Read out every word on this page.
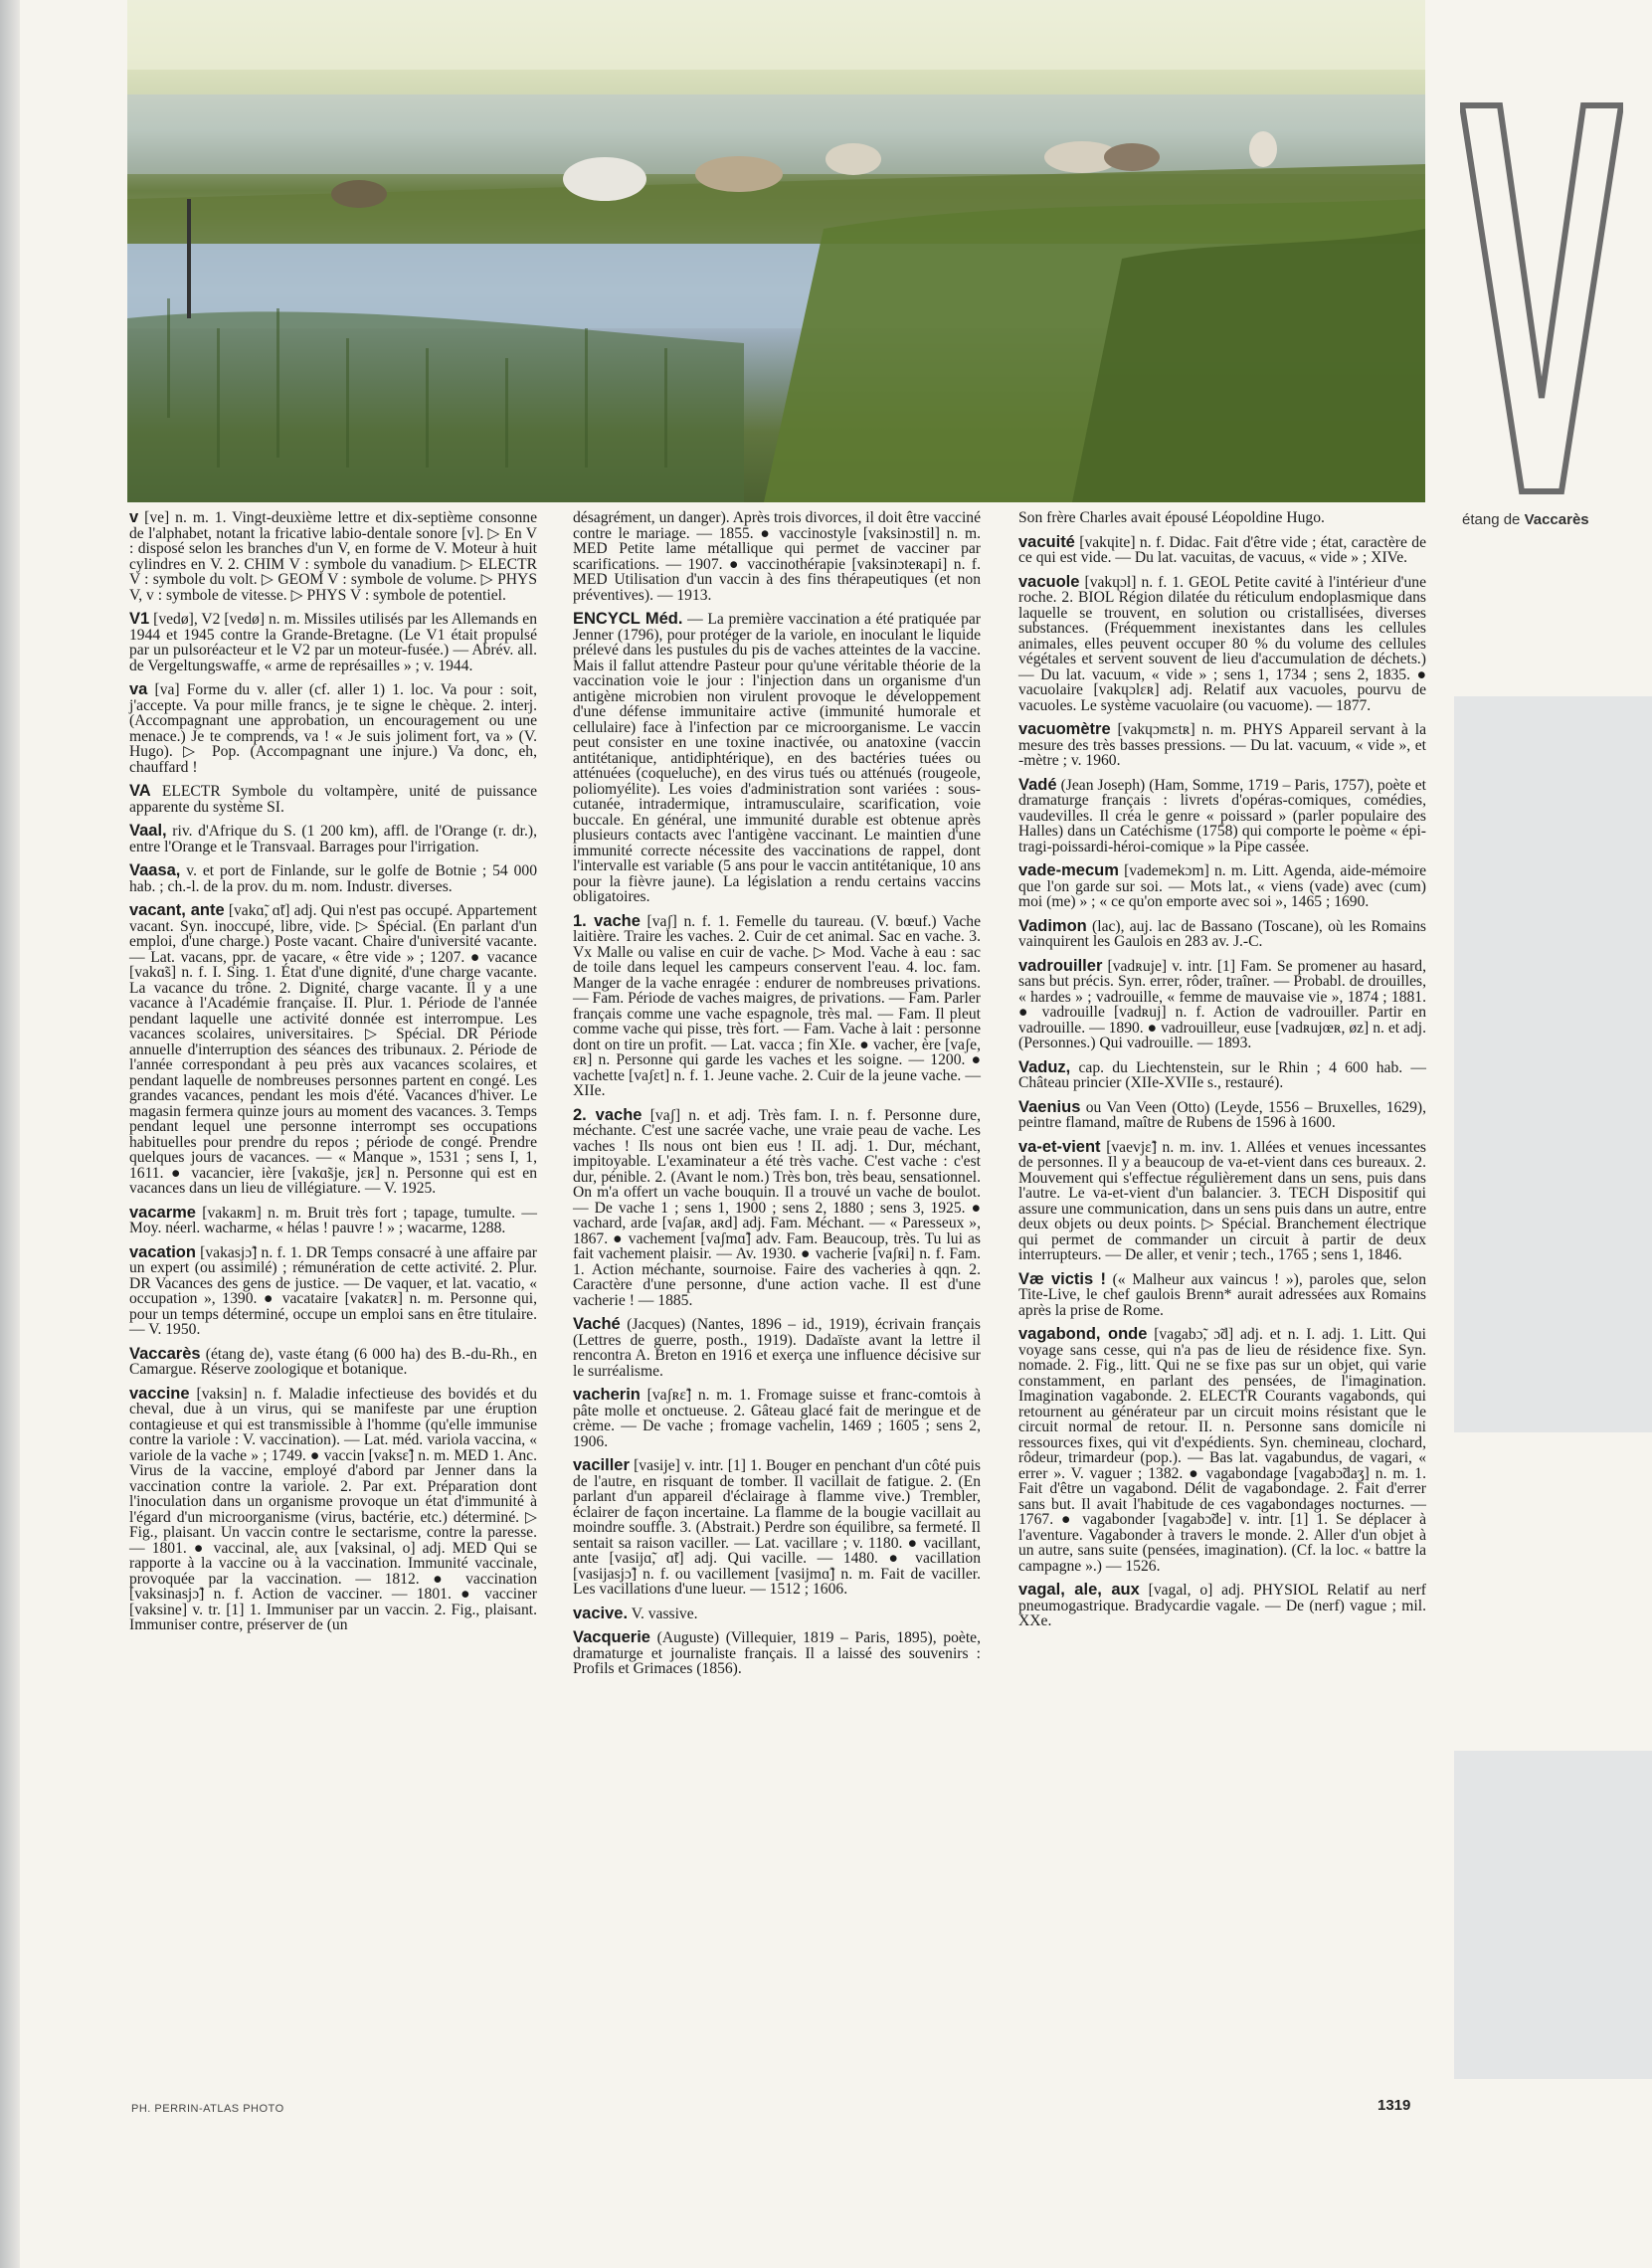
étang de Vaccarès

v [ve] n. m. 1. Vingt-deuxième lettre et dix-septième consonne de l'alphabet, notant la fricative labio-dentale sonore [v]. ▷ En V : disposé selon les branches d'un V, en forme de V. Moteur à huit cylindres en V. 2. CHIM V : symbole du vanadium. ▷ ELECTR V : symbole du volt. ▷ GEOM V : symbole de volume. ▷ PHYS V, v : symbole de vitesse. ▷ PHYS V : symbole de potentiel.

V1 [vedø], V2 [vedø] n. m. Missiles utilisés par les Allemands en 1944 et 1945 contre la Grande-Bretagne. (Le V1 était propulsé par un pulsoréacteur et le V2 par un moteur-fusée.) — Abrév. all. de Vergeltungswaffe, « arme de représailles » ; v. 1944.

va [va] Forme du v. aller (cf. aller 1) 1. loc. Va pour : soit, j'accepte. Va pour mille francs, je te signe le chèque. 2. interj. (Accompagnant une approbation, un encouragement ou une menace.) Je te comprends, va ! « Je suis joliment fort, va » (V. Hugo). ▷ Pop. (Accompagnant une injure.) Va donc, eh, chauffard !

VA ELECTR Symbole du voltampère, unité de puissance apparente du système SI.

Vaal, riv. d'Afrique du S. (1 200 km), affl. de l'Orange (r. dr.), entre l'Orange et le Transvaal. Barrages pour l'irrigation.

Vaasa, v. et port de Finlande, sur le golfe de Botnie ; 54 000 hab. ; ch.-l. de la prov. du m. nom. Industr. diverses.

vacant, ante [vakɑ̃, ɑ̃t] adj. Qui n'est pas occupé. Appartement vacant. Syn. inoccupé, libre, vide. ▷ Spécial. (En parlant d'un emploi, d'une charge.) Poste vacant. Chaire d'université vacante. — Lat. vacans, ppr. de vacare, « être vide » ; 1207. ● vacance [vakɑ̃s] n. f. I. Sing. 1. État d'une dignité, d'une charge vacante. La vacance du trône. 2. Dignité, charge vacante. Il y a une vacance à l'Académie française. II. Plur. 1. Période de l'année pendant laquelle une activité donnée est interrompue. Les vacances scolaires, universitaires. ▷ Spécial. DR Période annuelle d'interruption des séances des tribunaux. 2. Période de l'année correspondant à peu près aux vacances scolaires, et pendant laquelle de nombreuses personnes partent en congé. Les grandes vacances, pendant les mois d'été. Vacances d'hiver. Le magasin fermera quinze jours au moment des vacances. 3. Temps pendant lequel une personne interrompt ses occupations habituelles pour prendre du repos ; période de congé. Prendre quelques jours de vacances. — « Manque », 1531 ; sens I, 1, 1611. ● vacancier, ière [vakɑ̃sje, jɛʀ] n. Personne qui est en vacances dans un lieu de villégiature. — V. 1925.

vacarme [vakaʀm] n. m. Bruit très fort ; tapage, tumulte. — Moy. néerl. wacharme, « hélas ! pauvre ! » ; wacarme, 1288.

vacation [vakasjɔ̃] n. f. 1. DR Temps consacré à une affaire par un expert (ou assimilé) ; rémunération de cette activité. 2. Plur. DR Vacances des gens de justice. — De vaquer, et lat. vacatio, « occupation », 1390. ● vacataire [vakatɛʀ] n. m. Personne qui, pour un temps déterminé, occupe un emploi sans en être titulaire. — V. 1950.

Vaccarès (étang de), vaste étang (6 000 ha) des B.-du-Rh., en Camargue. Réserve zoologique et botanique.

vaccine [vaksin] n. f. Maladie infectieuse des bovidés et du cheval, due à un virus, qui se manifeste par une éruption contagieuse et qui est transmissible à l'homme (qu'elle immunise contre la variole : V. vaccination). — Lat. méd. variola vaccina, « variole de la vache » ; 1749. ● vaccin [vaksɛ̃] n. m. MED 1. Anc. Virus de la vaccine, employé d'abord par Jenner dans la vaccination contre la variole. 2. Par ext. Préparation dont l'inoculation dans un organisme provoque un état d'immunité à l'égard d'un microorganisme (virus, bactérie, etc.) déterminé. ▷ Fig., plaisant. Un vaccin contre le sectarisme, contre la paresse. — 1801. ● vaccinal, ale, aux [vaksinal, o] adj. MED Qui se rapporte à la vaccine ou à la vaccination. Immunité vaccinale, provoquée par la vaccination. — 1812. ● vaccination [vaksinasjɔ̃] n. f. Action de vacciner. — 1801. ● vacciner [vaksine] v. tr. [1] 1. Immuniser par un vaccin. 2. Fig., plaisant. Immuniser contre, préserver de (un

désagrément, un danger). Après trois divorces, il doit être vacciné contre le mariage. — 1855. ● vaccinostyle [vaksinɔstil] n. m. MED Petite lame métallique qui permet de vacciner par scarifications. — 1907. ● vaccinothérapie [vaksinɔteʀapi] n. f. MED Utilisation d'un vaccin à des fins thérapeutiques (et non préventives). — 1913.

ENCYCL Méd. — La première vaccination a été pratiquée par Jenner (1796), pour protéger de la variole, en inoculant le liquide prélevé dans les pustules du pis de vaches atteintes de la vaccine. Mais il fallut attendre Pasteur pour qu'une véritable théorie de la vaccination voie le jour : l'injection dans un organisme d'un antigène microbien non virulent provoque le développement d'une défense immunitaire active (immunité humorale et cellulaire) face à l'infection par ce microorganisme. Le vaccin peut consister en une toxine inactivée, ou anatoxine (vaccin antitétanique, antidiphtérique), en des bactéries tuées ou atténuées (coqueluche), en des virus tués ou atténués (rougeole, poliomyélite). Les voies d'administration sont variées : sous-cutanée, intradermique, intramusculaire, scarification, voie buccale. En général, une immunité durable est obtenue après plusieurs contacts avec l'antigène vaccinant. Le maintien d'une immunité correcte nécessite des vaccinations de rappel, dont l'intervalle est variable (5 ans pour le vaccin antitétanique, 10 ans pour la fièvre jaune). La législation a rendu certains vaccins obligatoires.

1. vache [vaʃ] n. f. 1. Femelle du taureau. (V. bœuf.) Vache laitière. Traire les vaches. 2. Cuir de cet animal. Sac en vache. 3. Vx Malle ou valise en cuir de vache. ▷ Mod. Vache à eau : sac de toile dans lequel les campeurs conservent l'eau. 4. loc. fam. Manger de la vache enragée : endurer de nombreuses privations. — Fam. Période de vaches maigres, de privations. — Fam. Parler français comme une vache espagnole, très mal. — Fam. Il pleut comme vache qui pisse, très fort. — Fam. Vache à lait : personne dont on tire un profit. — Lat. vacca ; fin XIe. ● vacher, ère [vaʃe, ɛʀ] n. Personne qui garde les vaches et les soigne. — 1200. ● vachette [vaʃɛt] n. f. 1. Jeune vache. 2. Cuir de la jeune vache. — XIIe.

2. vache [vaʃ] n. et adj. Très fam. I. n. f. Personne dure, méchante. C'est une sacrée vache, une vraie peau de vache. Les vaches ! Ils nous ont bien eus ! II. adj. 1. Dur, méchant, impitoyable. L'examinateur a été très vache. C'est vache : c'est dur, pénible. 2. (Avant le nom.) Très bon, très beau, sensationnel. On m'a offert un vache bouquin. Il a trouvé un vache de boulot. — De vache 1 ; sens 1, 1900 ; sens 2, 1880 ; sens 3, 1925. ● vachard, arde [vaʃaʀ, aʀd] adj. Fam. Méchant. — « Paresseux », 1867. ● vachement [vaʃmɑ̃] adv. Fam. Beaucoup, très. Tu lui as fait vachement plaisir. — Av. 1930. ● vacherie [vaʃʀi] n. f. Fam. 1. Action méchante, sournoise. Faire des vacheries à qqn. 2. Caractère d'une personne, d'une action vache. Il est d'une vacherie ! — 1885.

Vaché (Jacques) (Nantes, 1896 – id., 1919), écrivain français (Lettres de guerre, posth., 1919). Dadaïste avant la lettre il rencontra A. Breton en 1916 et exerça une influence décisive sur le surréalisme.

vacherin [vaʃʀɛ̃] n. m. 1. Fromage suisse et franc-comtois à pâte molle et onctueuse. 2. Gâteau glacé fait de meringue et de crème. — De vache ; fromage vachelin, 1469 ; 1605 ; sens 2, 1906.

vaciller [vasije] v. intr. [1] 1. Bouger en penchant d'un côté puis de l'autre, en risquant de tomber. Il vacillait de fatigue. 2. (En parlant d'un appareil d'éclairage à flamme vive.) Trembler, éclairer de façon incertaine. La flamme de la bougie vacillait au moindre souffle. 3. (Abstrait.) Perdre son équilibre, sa fermeté. Il sentait sa raison vaciller. — Lat. vacillare ; v. 1180. ● vacillant, ante [vasijɑ̃, ɑ̃t] adj. Qui vacille. — 1480. ● vacillation [vasijasjɔ̃] n. f. ou vacillement [vasijmɑ̃] n. m. Fait de vaciller. Les vacillations d'une lueur. — 1512 ; 1606.

vacive. V. vassive.

Vacquerie (Auguste) (Villequier, 1819 – Paris, 1895), poète, dramaturge et journaliste français. Il a laissé des souvenirs : Profils et Grimaces (1856).

Son frère Charles avait épousé Léopoldine Hugo.

vacuité [vakɥite] n. f. Didac. Fait d'être vide ; état, caractère de ce qui est vide. — Du lat. vacuitas, de vacuus, « vide » ; XIVe.

vacuole [vakɥɔl] n. f. 1. GEOL Petite cavité à l'intérieur d'une roche. 2. BIOL Région dilatée du réticulum endoplasmique dans laquelle se trouvent, en solution ou cristallisées, diverses substances. (Fréquemment inexistantes dans les cellules animales, elles peuvent occuper 80 % du volume des cellules végétales et servent souvent de lieu d'accumulation de déchets.) — Du lat. vacuum, « vide » ; sens 1, 1734 ; sens 2, 1835. ● vacuolaire [vakɥɔlɛʀ] adj. Relatif aux vacuoles, pourvu de vacuoles. Le système vacuolaire (ou vacuome). — 1877.

vacuomètre [vakɥɔmɛtʀ] n. m. PHYS Appareil servant à la mesure des très basses pressions. — Du lat. vacuum, « vide », et -mètre ; v. 1960.

Vadé (Jean Joseph) (Ham, Somme, 1719 – Paris, 1757), poète et dramaturge français : livrets d'opéras-comiques, comédies, vaudevilles. Il créa le genre « poissard » (parler populaire des Halles) dans un Catéchisme (1758) qui comporte le poème « épi-tragi-poissardi-héroi-comique » la Pipe cassée.

vade-mecum [vademekɔm] n. m. Litt. Agenda, aide-mémoire que l'on garde sur soi. — Mots lat., « viens (vade) avec (cum) moi (me) » ; « ce qu'on emporte avec soi », 1465 ; 1690.

Vadimon (lac), auj. lac de Bassano (Toscane), où les Romains vainquirent les Gaulois en 283 av. J.-C.

vadrouiller [vadʀuje] v. intr. [1] Fam. Se promener au hasard, sans but précis. Syn. errer, rôder, traîner. — Probabl. de drouilles, « hardes » ; vadrouille, « femme de mauvaise vie », 1874 ; 1881. ● vadrouille [vadʀuj] n. f. Action de vadrouiller. Partir en vadrouille. — 1890. ● vadrouilleur, euse [vadʀujœʀ, øz] n. et adj. (Personnes.) Qui vadrouille. — 1893.

Vaduz, cap. du Liechtenstein, sur le Rhin ; 4 600 hab. — Château princier (XIIe-XVIIe s., restauré).

Vaenius ou Van Veen (Otto) (Leyde, 1556 – Bruxelles, 1629), peintre flamand, maître de Rubens de 1596 à 1600.

va-et-vient [vaevjɛ̃] n. m. inv. 1. Allées et venues incessantes de personnes. Il y a beaucoup de va-et-vient dans ces bureaux. 2. Mouvement qui s'effectue régulièrement dans un sens, puis dans l'autre. Le va-et-vient d'un balancier. 3. TECH Dispositif qui assure une communication, dans un sens puis dans un autre, entre deux objets ou deux points. ▷ Spécial. Branchement électrique qui permet de commander un circuit à partir de deux interrupteurs. — De aller, et venir ; tech., 1765 ; sens 1, 1846.

Væ victis ! (« Malheur aux vaincus ! »), paroles que, selon Tite-Live, le chef gaulois Brenn* aurait adressées aux Romains après la prise de Rome.

vagabond, onde [vagabɔ̃, ɔ̃d] adj. et n. I. adj. 1. Litt. Qui voyage sans cesse, qui n'a pas de lieu de résidence fixe. Syn. nomade. 2. Fig., litt. Qui ne se fixe pas sur un objet, qui varie constamment, en parlant des pensées, de l'imagination. Imagination vagabonde. 2. ELECTR Courants vagabonds, qui retournent au générateur par un circuit moins résistant que le circuit normal de retour. II. n. Personne sans domicile ni ressources fixes, qui vit d'expédients. Syn. chemineau, clochard, rôdeur, trimardeur (pop.). — Bas lat. vagabundus, de vagari, « errer ». V. vaguer ; 1382. ● vagabondage [vagabɔ̃daʒ] n. m. 1. Fait d'être un vagabond. Délit de vagabondage. 2. Fait d'errer sans but. Il avait l'habitude de ces vagabondages nocturnes. — 1767. ● vagabonder [vagabɔ̃de] v. intr. [1] 1. Se déplacer à l'aventure. Vagabonder à travers le monde. 2. Aller d'un objet à un autre, sans suite (pensées, imagination). (Cf. la loc. « battre la campagne ».) — 1526.

vagal, ale, aux [vagal, o] adj. PHYSIOL Relatif au nerf pneumogastrique. Bradycardie vagale. — De (nerf) vague ; mil. XXe.

PH. PERRIN-ATLAS PHOTO	1319
